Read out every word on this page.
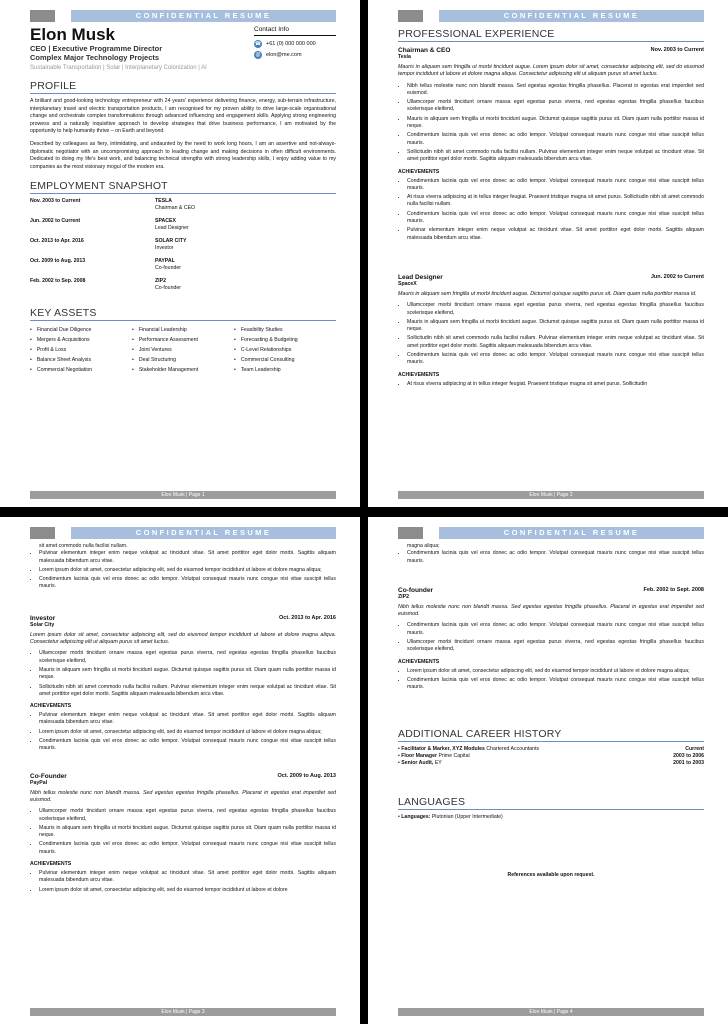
CONFIDENTIAL RESUME
Elon Musk
CEO | Executive Programme Director
Complex Major Technology Projects
Sustainable Transportation | Solar | Interplanetary Colonization | AI
Contact Info
☎ +61 (0) 000 000 000
@ elon@me.com
PROFILE

A brilliant and good-looking technology entrepreneur with 24 years' experience delivering finance, energy, sub-terrain infrastructure, interplanetary travel and electric transportation products, I am recognised for my proven ability to drive large-scale organisational change and orchestrate complex transformations through advanced influencing and engagement skills. Applying strong engineering prowess and a naturally inquisitive approach to develop strategies that drive business performance, I am motivated by the opportunity to help humanity thrive – on Earth and beyond.

Described by colleagues as fiery, intimidating, and undaunted by the need to work long hours, I am an assertive and not-always-diplomatic negotiator with an uncompromising approach to leading change and making decisions in often difficult environments. Dedicated to doing my life's best work, and balancing technical strengths with strong leadership skills, I enjoy adding value to my companies as the most visionary mogul of the modern era.

EMPLOYMENT SNAPSHOT
Nov. 2003 to Current	TESLA
Chairman & CEO

Jun. 2002 to Current	SPACEX
Lead Designer

Oct. 2013 to Apr. 2016	SOLAR CITY
Investor

Oct. 2009 to Aug. 2013	PAYPAL
Co-founder

Feb. 2002 to Sep. 2008	ZIP2
Co-founder
KEY ASSETS
• Financial Due Diligence	• Financial Leadership	• Feasibility Studies
• Mergers & Acquisitions	• Performance Assessment	• Forecasting & Budgeting
• Profit & Loss	• Joint Ventures	• C-Level Relationships
• Balance Sheet Analysis	• Deal Structuring	• Commercial Consulting
• Commercial Negotiation	• Stakeholder Management	• Team Leadership
Elon Musk | Page 1
CONFIDENTIAL RESUME
PROFESSIONAL EXPERIENCE
Chairman & CEO	Nov. 2003 to Current
Tesla
Mauris in aliquam sem fringilla ut morbi tincidunt augue. Lorem ipsum dolor sit amet, consectetur adipiscing elit, sed do eiusmod tempor incididunt ut labore et dolore magna aliqua. Consectetur adipiscing elit ut aliquam purus sit amet luctus.
• Nibh tellus molestie nunc non blandit massa. Sed egestas egestas fringilla phasellus. Placerat in egestas erat imperdiet sed euismod.
• Ullamcorper morbi tincidunt ornare massa eget egestas purus viverra, ned egestas egestas fringilla phasellus faucibus scelerisque eleifend,
• Mauris in aliquam sem fringilla ut morbi tincidunt augue. Dictumst quisque sagittis purus sit. Diam quam nulla porttitor massa id neque.
• Condimentum lacinia quis vel eros donec ac odio tempor. Volutpat consequat mauris nunc congue nisi vitae suscipit tellus mauris.
• Sollicitudin nibh sit amet commodo nulla facilisi nullam. Pulvinar elementum integer enim neque volutpat ac tincidunt vitae. Sit amet porttitor eget dolor morbi. Sagittis aliquam malesuada bibendum arcu vitae.
ACHIEVEMENTS
• Condimentum lacinia quis vel eros donec ac odio tempor. Volutpat consequat mauris nunc congue nisi vitae suscipit tellus mauris.
• At risus viverra adipiscing at in tellus integer feugiat. Praesent tristique magna sit amet purus. Sollicitudin nibh sit amet commodo nulla facilisi nullam.
• Condimentum lacinia quis vel eros donec ac odio tempor. Volutpat consequat mauris nunc congue nisi vitae suscipit tellus mauris.
• Pulvinar elementum integer enim neque volutpat ac tincidunt vitae. Sit amet porttitor eget dolor morbi. Sagittis aliquam malesuada bibendum arcu vitae.
Lead Designer	Jun. 2002 to Current
SpaceX
Mauris in aliquam sem fringilla ut morbi tincidunt augue. Dictumst quisque sagittis purus sit. Diam quam nulla porttitor massa id.
• Ullamcorper morbi tincidunt ornare massa eget egestas purus viverra, ned egestas egestas fringilla phasellus faucibus scelerisque eleifend,
• Mauris in aliquam sem fringilla ut morbi tincidunt augue. Dictumst quisque sagittis purus sit. Diam quam nulla porttitor massa id neque.
• Sollicitudin nibh sit amet commodo nulla facilisi nullam. Pulvinar elementum integer enim neque volutpat ac tincidunt vitae. Sit amet porttitor eget dolor morbi. Sagittis aliquam malesuada bibendum arcu vitae.
• Condimentum lacinia quis vel eros donec ac odio tempor. Volutpat consequat mauris nunc congue nisi vitae suscipit tellus mauris.
ACHIEVEMENTS
• At risus viverra adipiscing at in tellus integer feugiat. Praesent tristique magna sit amet purus. Sollicitudin
Elon Musk | Page 2
CONFIDENTIAL RESUME
sit amet commodo nulla facilisi nullam.
• Pulvinar elementum integer enim neque volutpat ac tincidunt vitae. Sit amet porttitor eget dolor morbi. Sagittis aliquam malesuada bibendum arcu vitae.
• Lorem ipsum dolor sit amet, consectetur adipiscing elit, sed do eiusmod tempor incididunt ut labore et dolore magna aliqua;
• Condimentum lacinia quis vel eros donec ac odio tempor. Volutpat consequat mauris nunc congue nisi vitae suscipit tellus mauris.
Investor	Oct. 2013 to Apr. 2016
Solar City
Lorem ipsum dolor sit amet, consectetur adipiscing elit, sed do eiusmod tempor incididunt ut labore et dolore magna aliqua. Consectetur adipiscing elit ut aliquam purus sit amet luctus.
• Ullamcorper morbi tincidunt ornare massa eget egestas purus viverra, ned egestas egestas fringilla phasellus faucibus scelerisque eleifend,
• Mauris in aliquam sem fringilla ut morbi tincidunt augue. Dictumst quisque sagittis purus sit. Diam quam nulla porttitor massa id neque.
• Sollicitudin nibh sit amet commodo nulla facilisi nullam. Pulvinar elementum integer enim neque volutpat ac tincidunt vitae. Sit amet porttitor eget dolor morbi. Sagittis aliquam malesuada bibendum arcu vitae.
ACHIEVEMENTS
• Pulvinar elementum integer enim neque volutpat ac tincidunt vitae. Sit amet porttitor eget dolor morbi. Sagittis aliquam malesuada bibendum arcu vitae.
• Lorem ipsum dolor sit amet, consectetur adipiscing elit, sed do eiusmod tempor incididunt ut labore et dolore magna aliqua;
• Condimentum lacinia quis vel eros donec ac odio tempor. Volutpat consequat mauris nunc congue nisi vitae suscipit tellus mauris.
Co-Founder	Oct. 2009 to Aug. 2013
PayPal
Nibh tellus molestie nunc non blandit massa. Sed egestas egestas fringilla phasellus. Placerat in egestas erat imperdiet sed euismod.
• Ullamcorper morbi tincidunt ornare massa eget egestas purus viverra, ned egestas egestas fringilla phasellus faucibus scelerisque eleifend,
• Mauris in aliquam sem fringilla ut morbi tincidunt augue. Dictumst quisque sagittis purus sit. Diam quam nulla porttitor massa id neque.
• Condimentum lacinia quis vel eros donec ac odio tempor. Volutpat consequat mauris nunc congue nisi vitae suscipit tellus mauris.
ACHIEVEMENTS
• Pulvinar elementum integer enim neque volutpat ac tincidunt vitae. Sit amet porttitor eget dolor morbi. Sagittis aliquam malesuada bibendum arcu vitae.
• Lorem ipsum dolor sit amet, consectetur adipiscing elit, sed do eiusmod tempor incididunt ut labore et dolore
Elon Musk | Page 3
CONFIDENTIAL RESUME
magna aliqua;
• Condimentum lacinia quis vel eros donec ac odio tempor. Volutpat consequat mauris nunc congue nisi vitae suscipit tellus mauris.
Co-founder	Feb. 2002 to Sept. 2008
ZIP2
Nibh tellus molestie nunc non blandit massa. Sed egestas egestas fringilla phasellus. Placerat in egestas erat imperdiet sed euismod.
• Condimentum lacinia quis vel eros donec ac odio tempor. Volutpat consequat mauris nunc congue nisi vitae suscipit tellus mauris.
• Ullamcorper morbi tincidunt ornare massa eget egestas purus viverra, ned egestas egestas fringilla phasellus faucibus scelerisque eleifend,
ACHIEVEMENTS
• Lorem ipsum dolor sit amet, consectetur adipiscing elit, sed do eiusmod tempor incididunt ut labore et dolore magna aliqua;
• Condimentum lacinia quis vel eros donec ac odio tempor. Volutpat consequat mauris nunc congue nisi vitae suscipit tellus mauris.
ADDITIONAL CAREER HISTORY
• Facilitator & Marker, XYZ Modules Chartered Accountants	Current
• Floor Manager Prime Capital	2003 to 2006
• Senior Audit, EY	2001 to 2003
LANGUAGES
• Languages: Plutonian (Upper Intermediate)
References available upon request.
Elon Musk | Page 4
